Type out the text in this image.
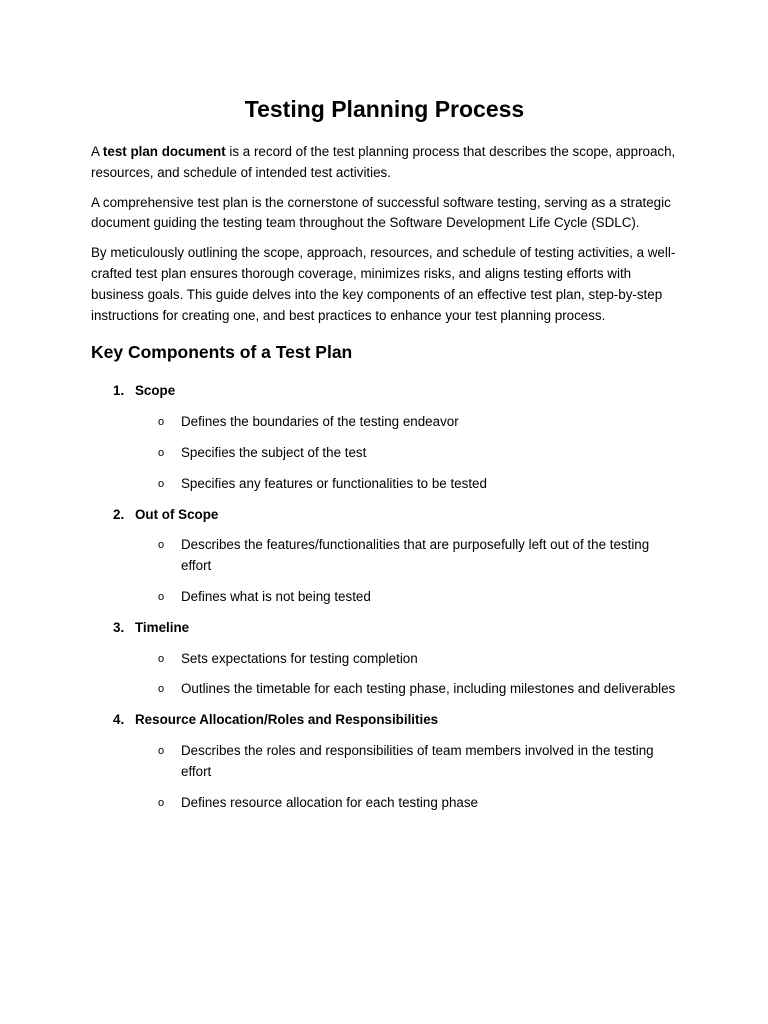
Testing Planning Process

A test plan document is a record of the test planning process that describes the scope, approach, resources, and schedule of intended test activities.

A comprehensive test plan is the cornerstone of successful software testing, serving as a strategic document guiding the testing team throughout the Software Development Life Cycle (SDLC).

By meticulously outlining the scope, approach, resources, and schedule of testing activities, a well-crafted test plan ensures thorough coverage, minimizes risks, and aligns testing efforts with business goals. This guide delves into the key components of an effective test plan, step-by-step instructions for creating one, and best practices to enhance your test planning process.

Key Components of a Test Plan
1. Scope
o	Defines the boundaries of the testing endeavor
o	Specifies the subject of the test
o	Specifies any features or functionalities to be tested
2. Out of Scope
o	Describes the features/functionalities that are purposefully left out of the testing effort
o	Defines what is not being tested
3. Timeline
o	Sets expectations for testing completion
o	Outlines the timetable for each testing phase, including milestones and deliverables
4. Resource Allocation/Roles and Responsibilities
o	Describes the roles and responsibilities of team members involved in the testing effort
o	Defines resource allocation for each testing phase
